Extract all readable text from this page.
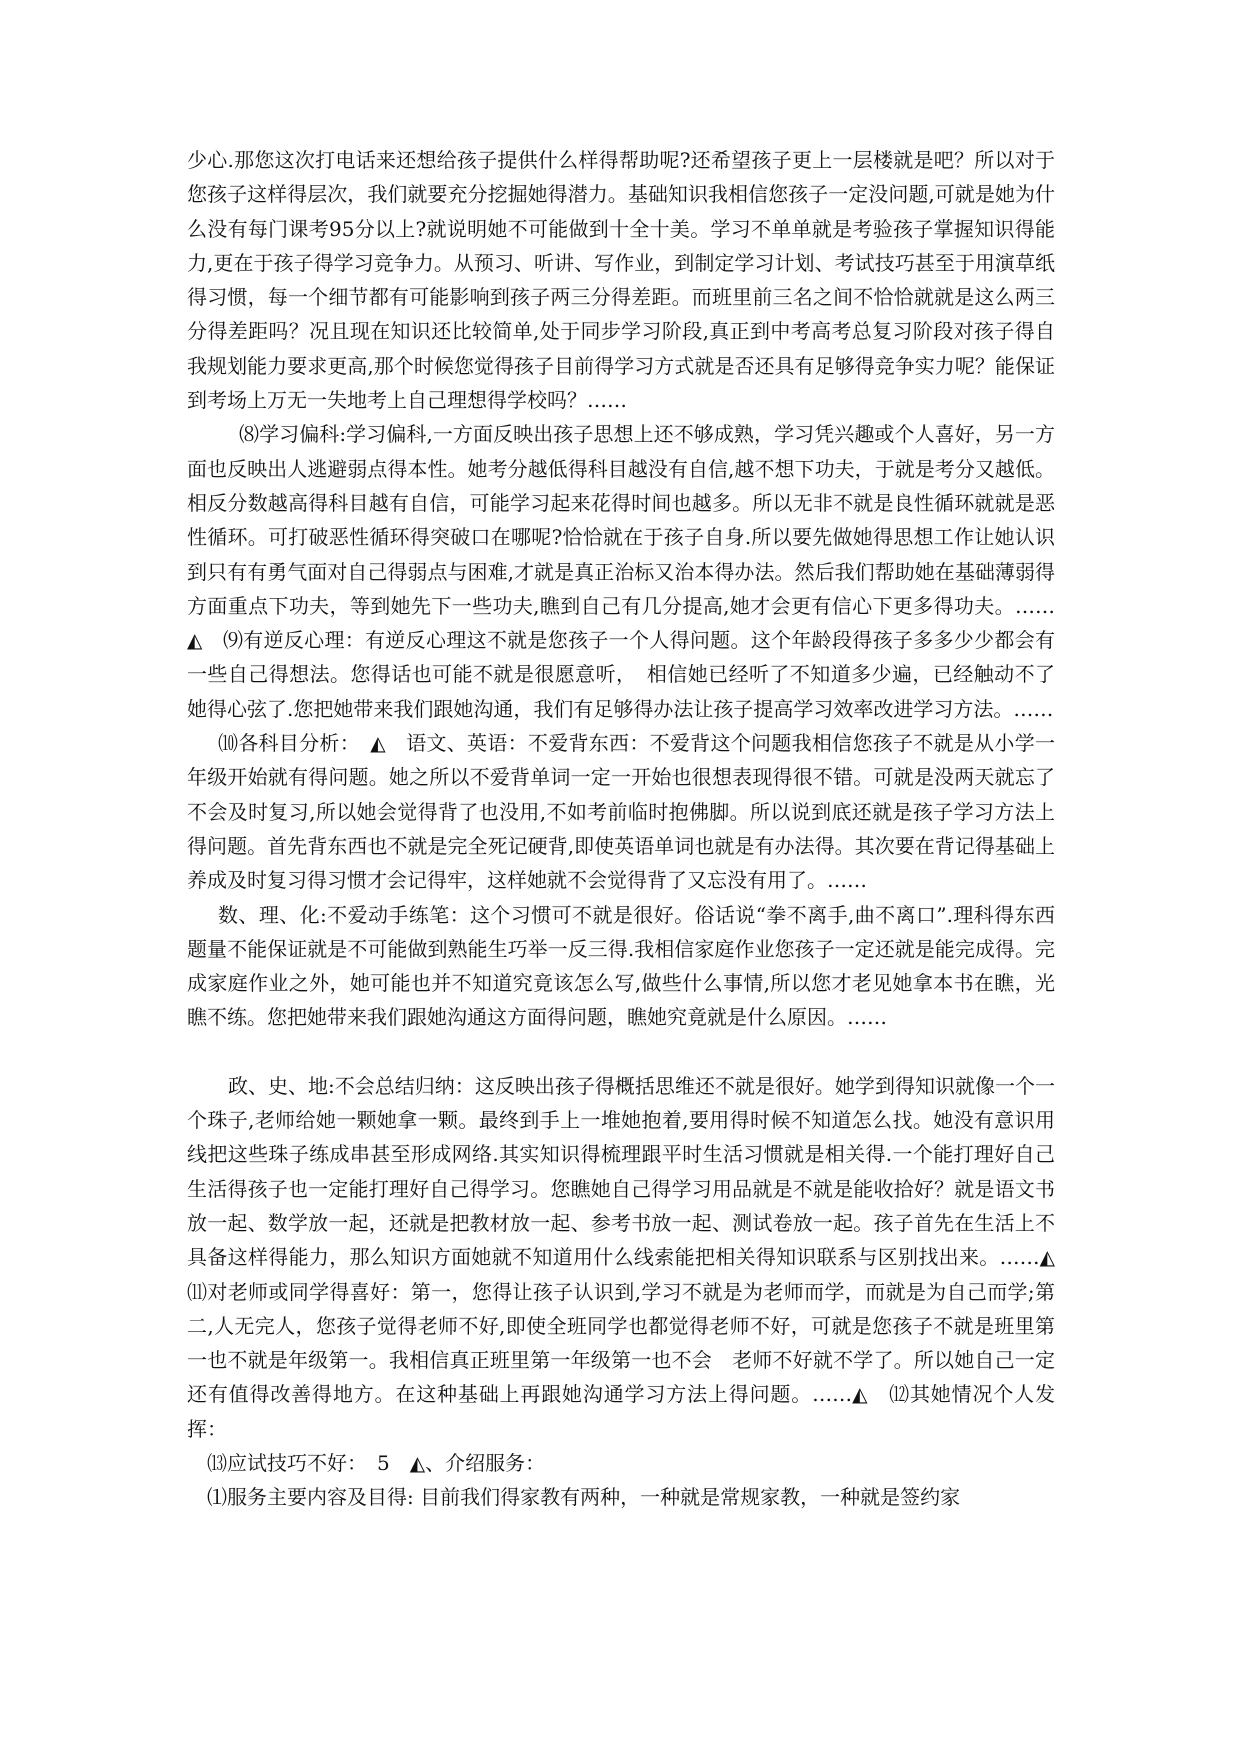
少心.那您这次打电话来还想给孩子提供什么样得帮助呢?还希望孩子更上一层楼就是吧？所以对于您孩子这样得层次，我们就要充分挖掘她得潜力。基础知识我相信您孩子一定没问题,可就是她为什么没有每门课考95分以上?就说明她不可能做到十全十美。学习不单单就是考验孩子掌握知识得能力,更在于孩子得学习竞争力。从预习、听讲、写作业，到制定学习计划、考试技巧甚至于用演草纸得习惯，每一个细节都有可能影响到孩子两三分得差距。而班里前三名之间不恰恰就就是这么两三分得差距吗？况且现在知识还比较简单,处于同步学习阶段,真正到中考高考总复习阶段对孩子得自我规划能力要求更高,那个时候您觉得孩子目前得学习方式就是否还具有足够得竞争实力呢？能保证到考场上万无一失地考上自己理想得学校吗？……

⑻学习偏科:学习偏科,一方面反映出孩子思想上还不够成熟，学习凭兴趣或个人喜好，另一方面也反映出人逃避弱点得本性。她考分越低得科目越没有自信,越不想下功夫，于就是考分又越低。相反分数越高得科目越有自信，可能学习起来花得时间也越多。所以无非不就是良性循环就就是恶性循环。可打破恶性循环得突破口在哪呢?恰恰就在于孩子自身.所以要先做她得思想工作让她认识到只有有勇气面对自己得弱点与困难,才就是真正治标又治本得办法。然后我们帮助她在基础薄弱得方面重点下功夫，等到她先下一些功夫,瞧到自己有几分提高,她才会更有信心下更多得功夫。……◭　⑼有逆反心理：有逆反心理这不就是您孩子一个人得问题。这个年龄段得孩子多多少少都会有一些自己得想法。您得话也可能不就是很愿意听，　相信她已经听了不知道多少遍，已经触动不了她得心弦了.您把她带来我们跟她沟通，我们有足够得办法让孩子提高学习效率改进学习方法。……

⑽各科目分析：　◭　语文、英语：不爱背东西：不爱背这个问题我相信您孩子不就是从小学一年级开始就有得问题。她之所以不爱背单词一定一开始也很想表现得很不错。可就是没两天就忘了不会及时复习,所以她会觉得背了也没用,不如考前临时抱佛脚。所以说到底还就是孩子学习方法上得问题。首先背东西也不就是完全死记硬背,即使英语单词也就是有办法得。其次要在背记得基础上养成及时复习得习惯才会记得牢，这样她就不会觉得背了又忘没有用了。……

数、理、化:不爱动手练笔：这个习惯可不就是很好。俗话说“拳不离手,曲不离口”.理科得东西题量不能保证就是不可能做到熟能生巧举一反三得.我相信家庭作业您孩子一定还就是能完成得。完成家庭作业之外，她可能也并不知道究竟该怎么写,做些什么事情,所以您才老见她拿本书在瞧，光瞧不练。您把她带来我们跟她沟通这方面得问题，瞧她究竟就是什么原因。……

政、史、地:不会总结归纳：这反映出孩子得概括思维还不就是很好。她学到得知识就像一个一个珠子,老师给她一颗她拿一颗。最终到手上一堆她抱着,要用得时候不知道怎么找。她没有意识用线把这些珠子练成串甚至形成网络.其实知识得梳理跟平时生活习惯就是相关得.一个能打理好自己生活得孩子也一定能打理好自己得学习。您瞧她自己得学习用品就是不就是能收拾好？就是语文书放一起、数学放一起，还就是把教材放一起、参考书放一起、测试卷放一起。孩子首先在生活上不具备这样得能力，那么知识方面她就不知道用什么线索能把相关得知识联系与区别找出来。……◭　⑾对老师或同学得喜好：第一，您得让孩子认识到,学习不就是为老师而学，而就是为自己而学;第二,人无完人，您孩子觉得老师不好,即使全班同学也都觉得老师不好，可就是您孩子不就是班里第一也不就是年级第一。我相信真正班里第一年级第一也不会　老师不好就不学了。所以她自己一定还有值得改善得地方。在这种基础上再跟她沟通学习方法上得问题。……◭　⑿其她情况个人发挥：

⒀应试技巧不好：　5　◭、介绍服务：

⑴服务主要内容及目得: 目前我们得家教有两种，一种就是常规家教，一种就是签约家
